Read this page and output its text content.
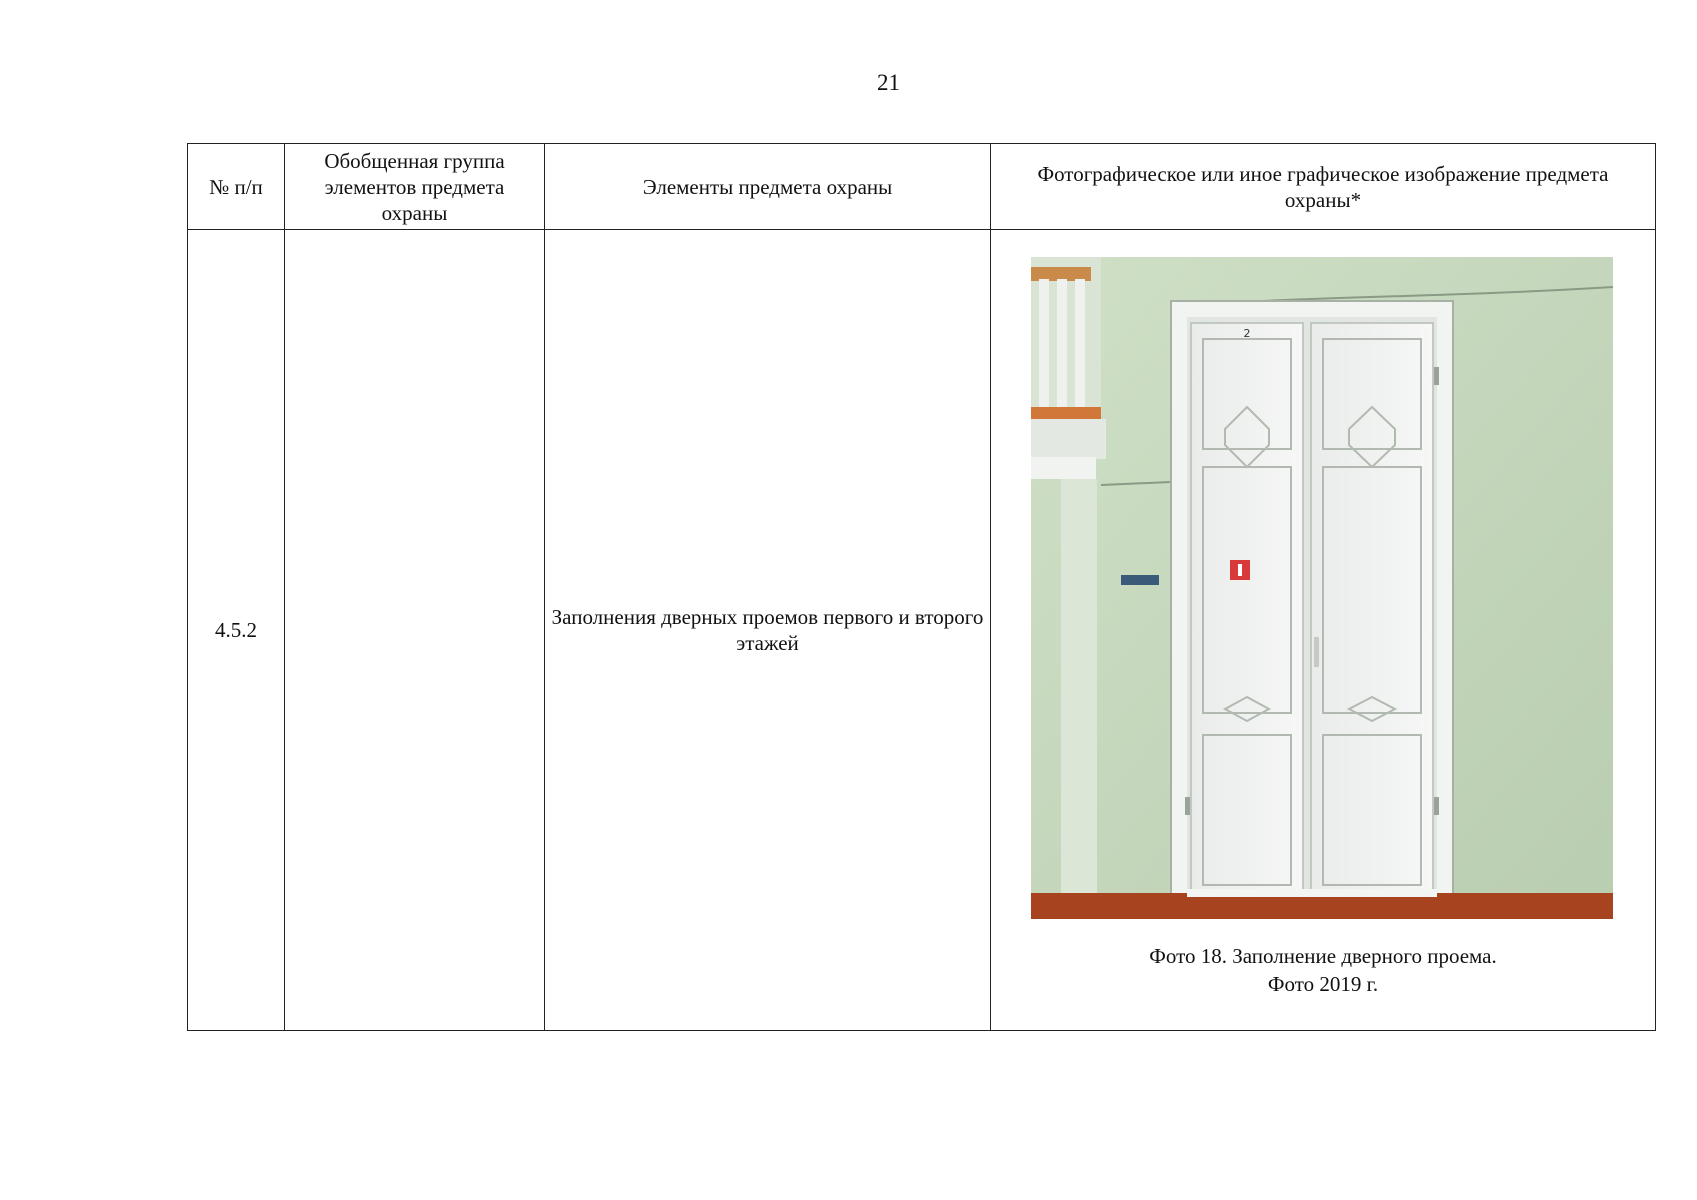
21
№ п/п	Обобщенная группа элементов предмета охраны	Элементы предмета охраны	Фотографическое или иное графическое изображение предмета охраны*
4.5.2		Заполнения дверных проемов первого и второго этажей	2
Фото 18. Заполнение дверного проема.
Фото 2019 г.
